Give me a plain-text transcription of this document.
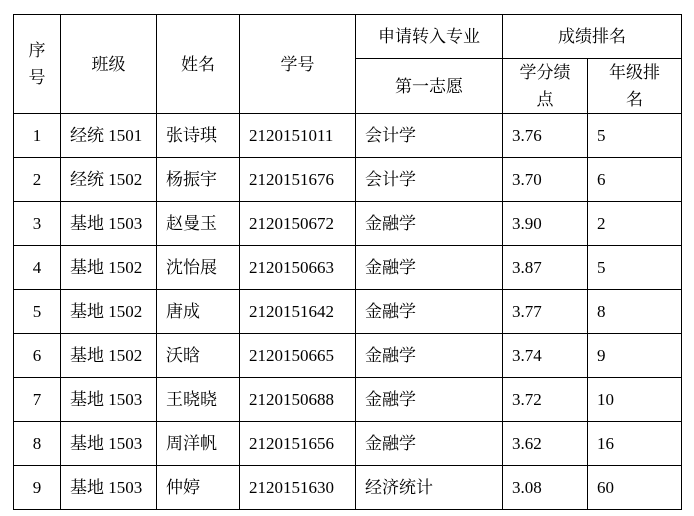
序号	班级	姓名	学号	申请转入专业	成绩排名	
				第一志愿	学分绩点	年级排名
1	经统 1501	张诗琪	2120151011	会计学	3.76	5
2	经统 1502	杨振宇	2120151676	会计学	3.70	6
3	基地 1503	赵曼玉	2120150672	金融学	3.90	2
4	基地 1502	沈怡展	2120150663	金融学	3.87	5
5	基地 1502	唐成	2120151642	金融学	3.77	8
6	基地 1502	沃晗	2120150665	金融学	3.74	9
7	基地 1503	王晓晓	2120150688	金融学	3.72	10
8	基地 1503	周洋帆	2120151656	金融学	3.62	16
9	基地 1503	仲婷	2120151630	经济统计	3.08	60
